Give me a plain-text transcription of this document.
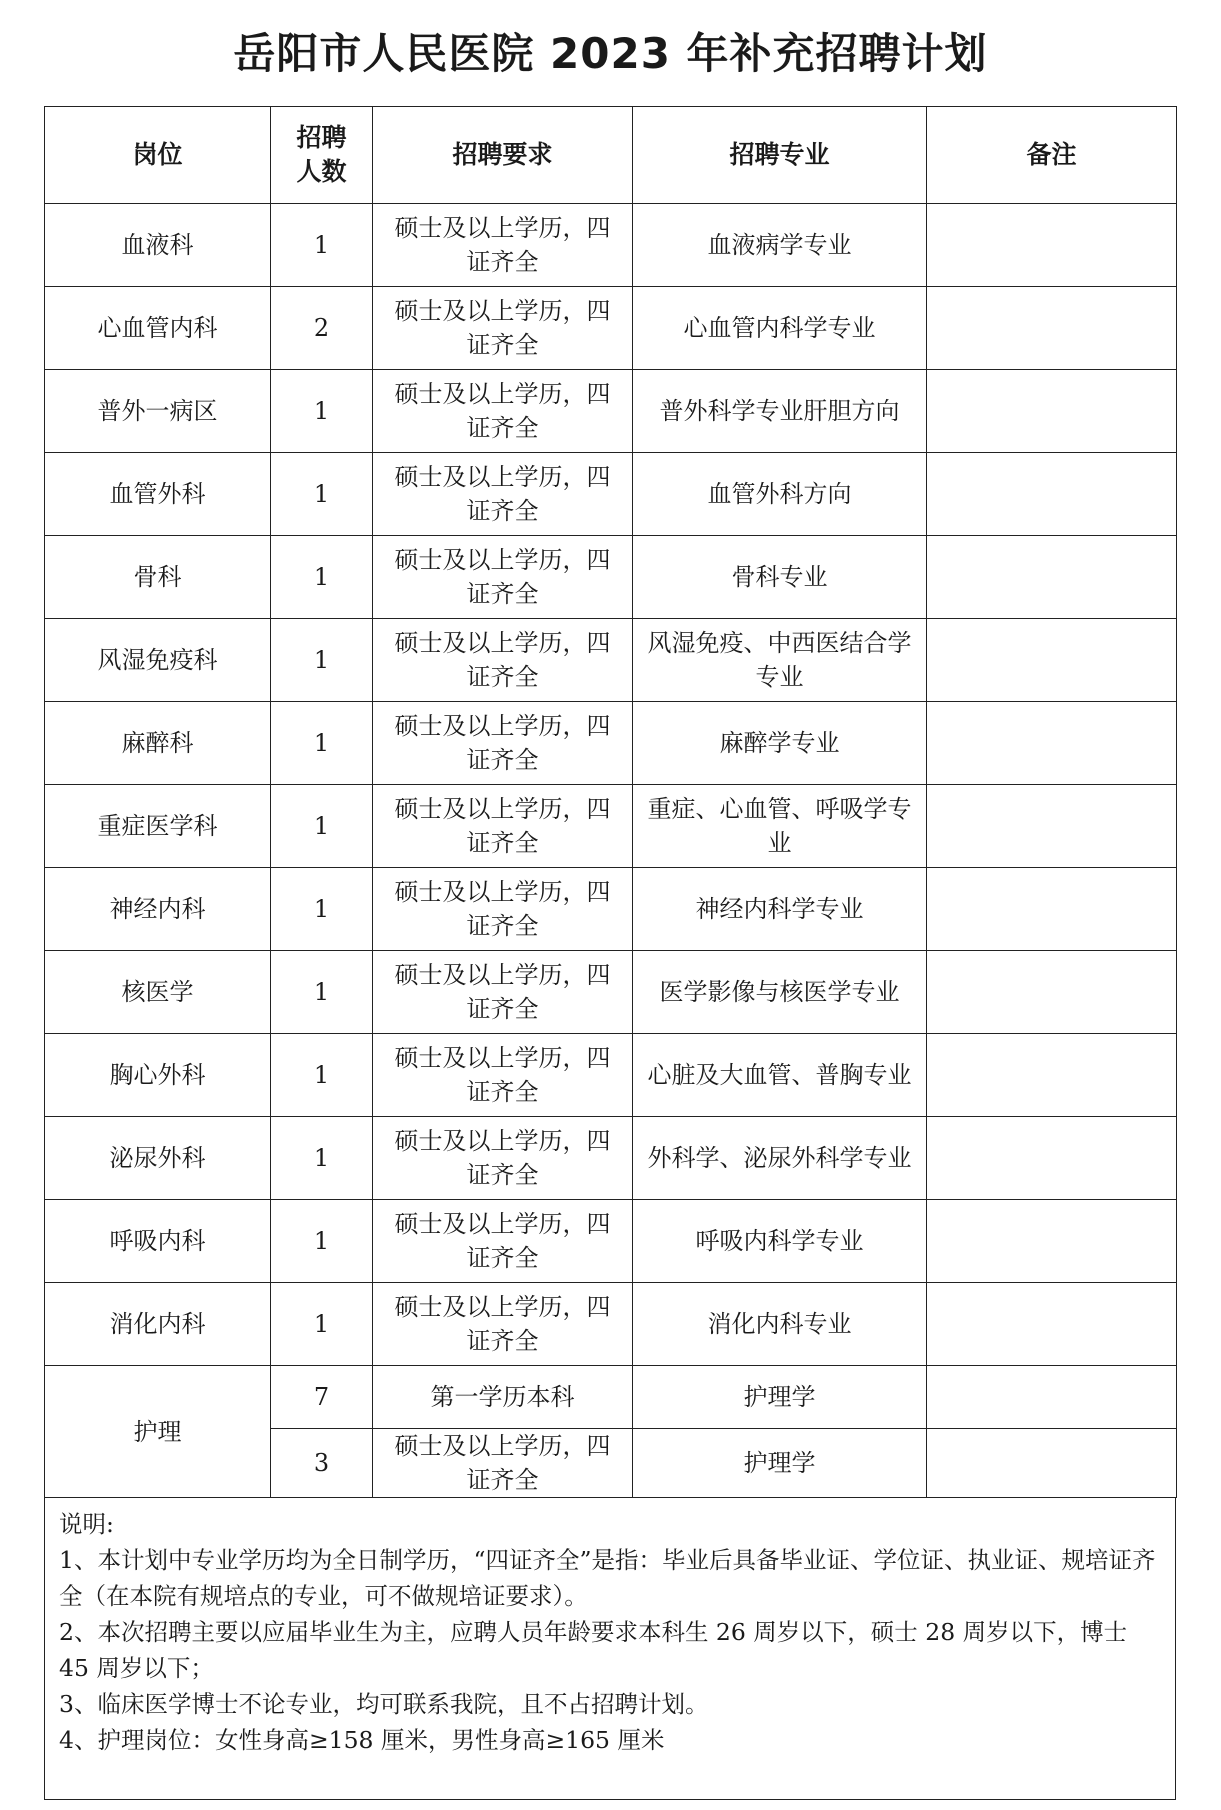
岳阳市人民医院 2023 年补充招聘计划
岗位	招聘人数	招聘要求	招聘专业	备注
血液科	1	硕士及以上学历，四证齐全	血液病学专业	
心血管内科	2	硕士及以上学历，四证齐全	心血管内科学专业	
普外一病区	1	硕士及以上学历，四证齐全	普外科学专业肝胆方向	
血管外科	1	硕士及以上学历，四证齐全	血管外科方向	
骨科	1	硕士及以上学历，四证齐全	骨科专业	
风湿免疫科	1	硕士及以上学历，四证齐全	风湿免疫、中西医结合学专业	
麻醉科	1	硕士及以上学历，四证齐全	麻醉学专业	
重症医学科	1	硕士及以上学历，四证齐全	重症、心血管、呼吸学专业	
神经内科	1	硕士及以上学历，四证齐全	神经内科学专业	
核医学	1	硕士及以上学历，四证齐全	医学影像与核医学专业	
胸心外科	1	硕士及以上学历，四证齐全	心脏及大血管、普胸专业	
泌尿外科	1	硕士及以上学历，四证齐全	外科学、泌尿外科学专业	
呼吸内科	1	硕士及以上学历，四证齐全	呼吸内科学专业	
消化内科	1	硕士及以上学历，四证齐全	消化内科专业	
护理	7	第一学历本科	护理学	
	3	硕士及以上学历，四证齐全	护理学	

说明:

1、本计划中专业学历均为全日制学历，“四证齐全”是指：毕业后具备毕业证、学位证、执业证、规培证齐全（在本院有规培点的专业，可不做规培证要求）。

2、本次招聘主要以应届毕业生为主，应聘人员年龄要求本科生 26 周岁以下，硕士 28 周岁以下，博士 45 周岁以下；

3、临床医学博士不论专业，均可联系我院，且不占招聘计划。

4、护理岗位：女性身高≥158 厘米，男性身高≥165 厘米
